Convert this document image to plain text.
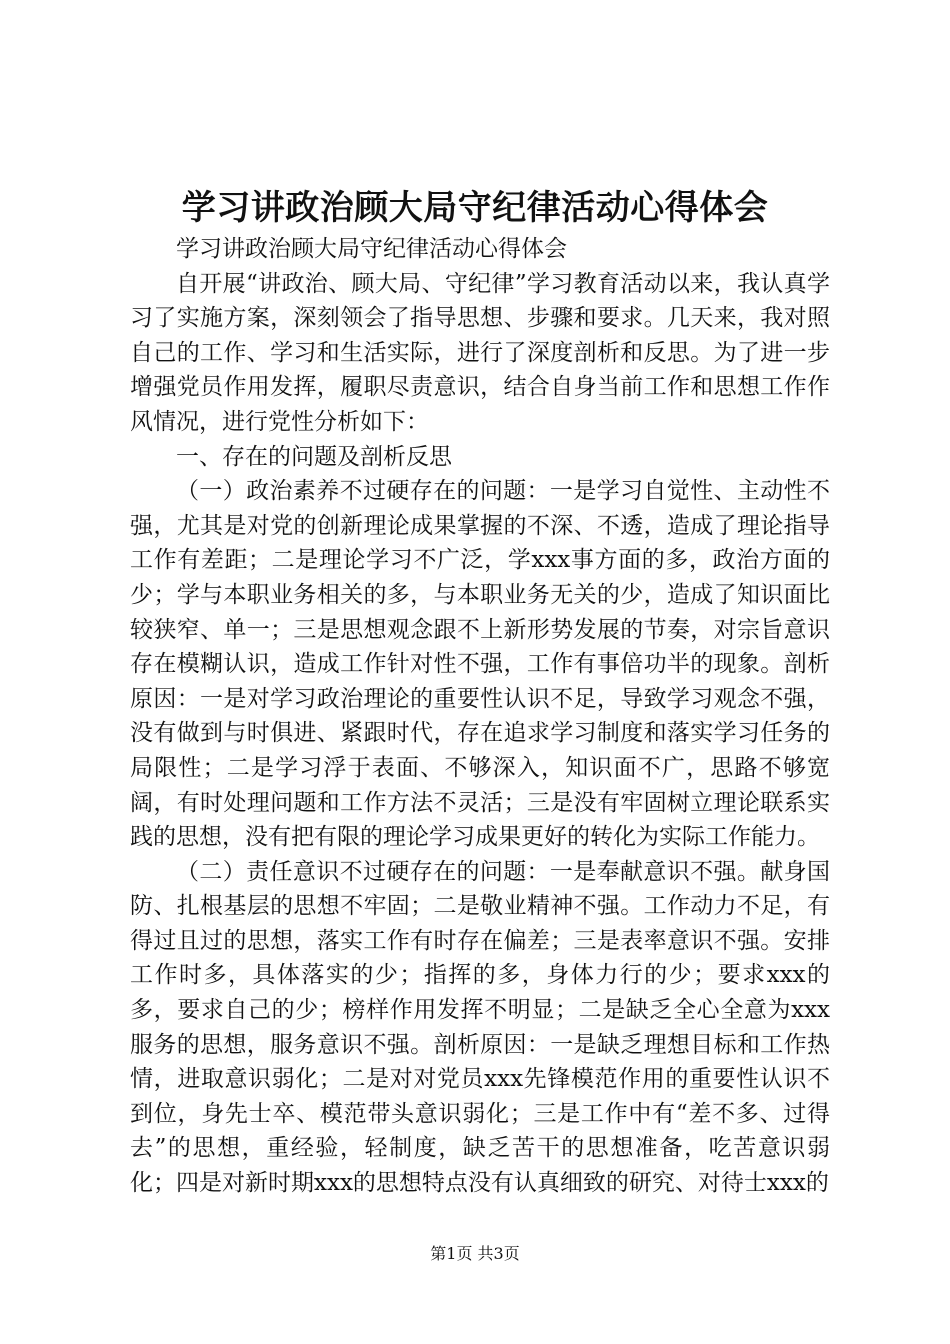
学习讲政治顾大局守纪律活动心得体会

学习讲政治顾大局守纪律活动心得体会

自开展“讲政治、顾大局、守纪律”学习教育活动以来，我认真学习了实施方案，深刻领会了指导思想、步骤和要求。几天来，我对照自己的工作、学习和生活实际，进行了深度剖析和反思。为了进一步增强党员作用发挥，履职尽责意识，结合自身当前工作和思想工作作风情况，进行党性分析如下：

一、存在的问题及剖析反思

（一）政治素养不过硬存在的问题：一是学习自觉性、主动性不强，尤其是对党的创新理论成果掌握的不深、不透，造成了理论指导工作有差距；二是理论学习不广泛，学xxx事方面的多，政治方面的少；学与本职业务相关的多，与本职业务无关的少，造成了知识面比较狭窄、单一；三是思想观念跟不上新形势发展的节奏，对宗旨意识存在模糊认识，造成工作针对性不强，工作有事倍功半的现象。剖析原因：一是对学习政治理论的重要性认识不足，导致学习观念不强，没有做到与时俱进、紧跟时代，存在追求学习制度和落实学习任务的局限性；二是学习浮于表面、不够深入，知识面不广，思路不够宽阔，有时处理问题和工作方法不灵活；三是没有牢固树立理论联系实践的思想，没有把有限的理论学习成果更好的转化为实际工作能力。

（二）责任意识不过硬存在的问题：一是奉献意识不强。献身国防、扎根基层的思想不牢固；二是敬业精神不强。工作动力不足，有得过且过的思想，落实工作有时存在偏差；三是表率意识不强。安排工作时多，具体落实的少；指挥的多，身体力行的少；要求xxx的多，要求自己的少；榜样作用发挥不明显；二是缺乏全心全意为xxx服务的思想，服务意识不强。剖析原因：一是缺乏理想目标和工作热情，进取意识弱化；二是对对党员xxx先锋模范作用的重要性认识不到位，身先士卒、模范带头意识弱化；三是工作中有“差不多、过得去”的思想，重经验，轻制度，缺乏苦干的思想准备，吃苦意识弱化；四是对新时期xxx的思想特点没有认真细致的研究、对待士xxx的

第1页 共3页
